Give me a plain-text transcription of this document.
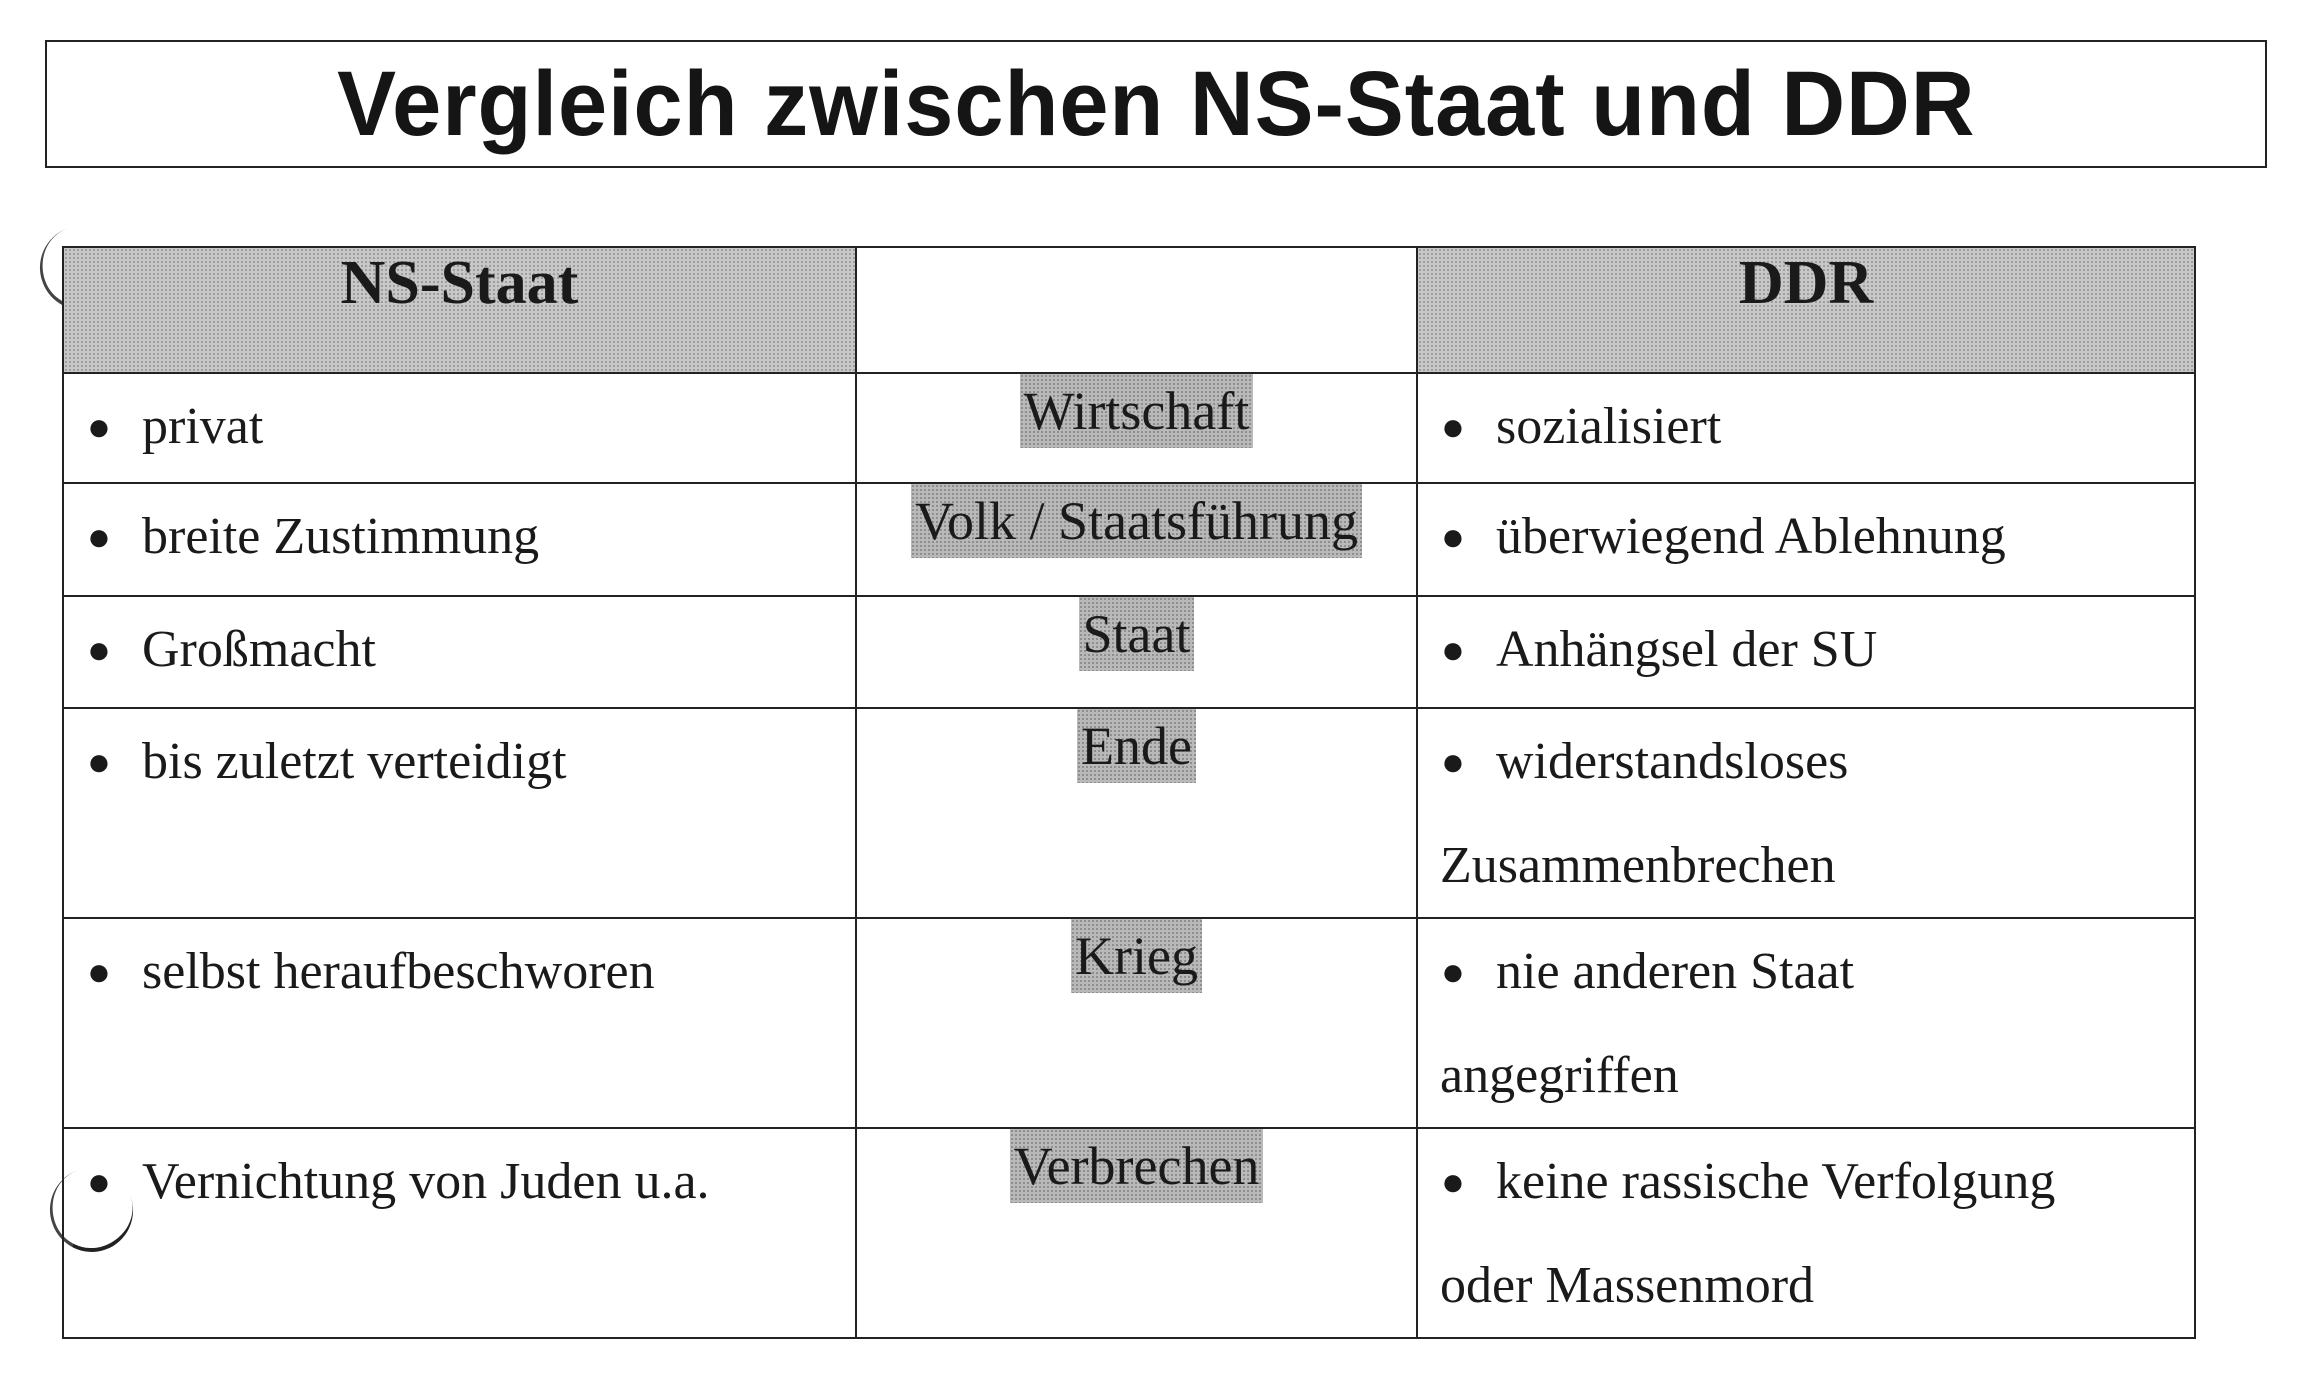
Vergleich zwischen NS-Staat und DDR
NS-Staat		DDR

● privat	Wirtschaft	● sozialisiert

● breite Zustimmung	Volk / Staatsführung	● überwiegend Ablehnung

● Großmacht	Staat	● Anhängsel der SU

● bis zuletzt verteidigt	Ende	● widerstandsloses
Zusammenbrechen

● selbst heraufbeschworen	Krieg	● nie anderen Staat
angegriffen

● Vernichtung von Juden u.a.	Verbrechen	● keine rassische Verfolgung
oder Massenmord
